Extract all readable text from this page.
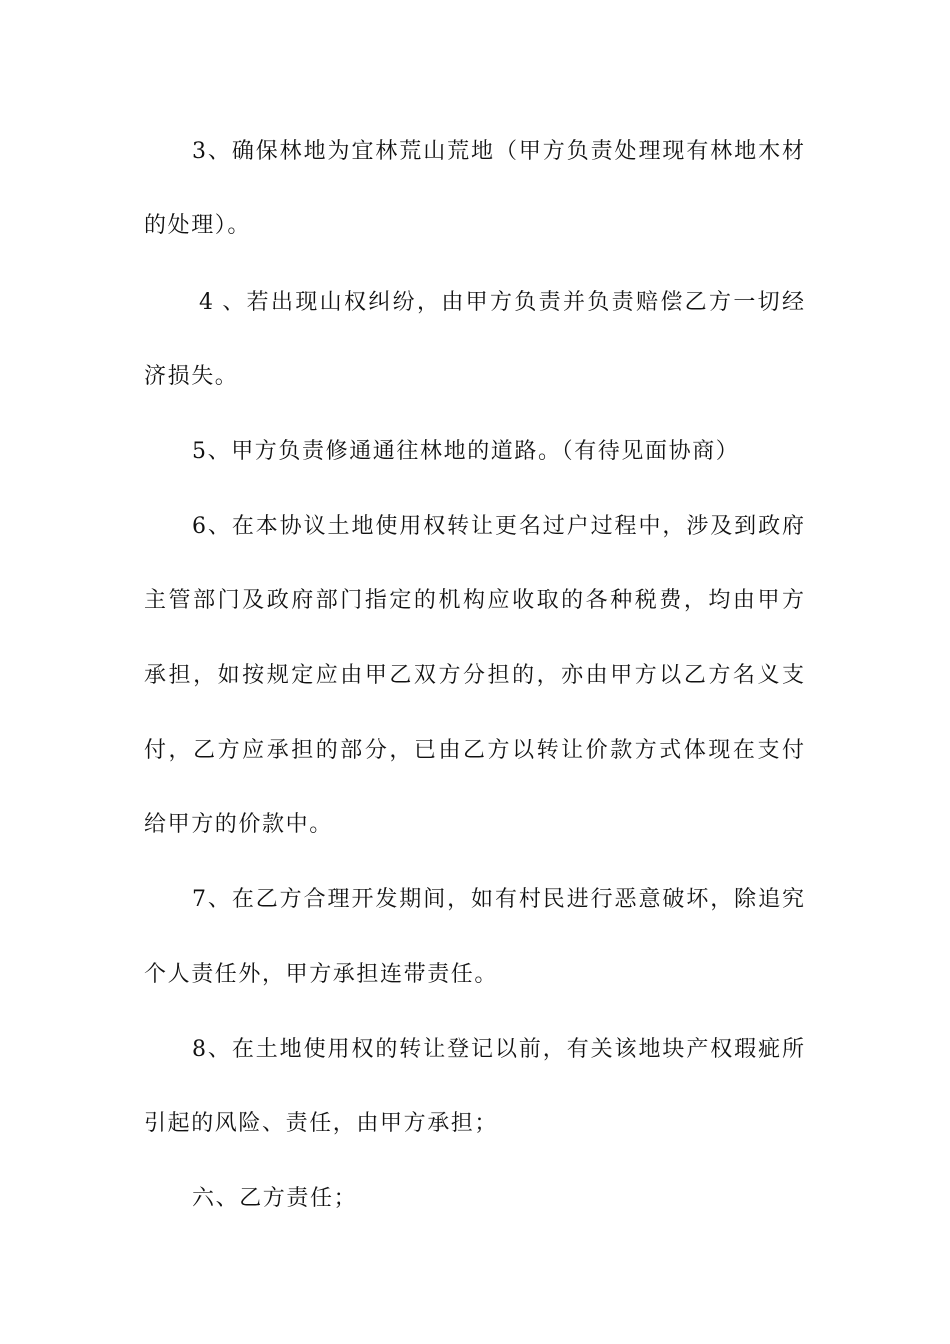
3、确保林地为宜林荒山荒地（甲方负责处理现有林地木材
的处理）。
4 、若出现山权纠纷，由甲方负责并负责赔偿乙方一切经
济损失。
5、甲方负责修通通往林地的道路。（有待见面协商）
6、在本协议土地使用权转让更名过户过程中，涉及到政府
主管部门及政府部门指定的机构应收取的各种税费，均由甲方
承担，如按规定应由甲乙双方分担的，亦由甲方以乙方名义支
付，乙方应承担的部分，已由乙方以转让价款方式体现在支付
给甲方的价款中。
7、在乙方合理开发期间，如有村民进行恶意破坏，除追究
个人责任外，甲方承担连带责任。
8、在土地使用权的转让登记以前，有关该地块产权瑕疵所
引起的风险、责任，由甲方承担；
六、乙方责任；
